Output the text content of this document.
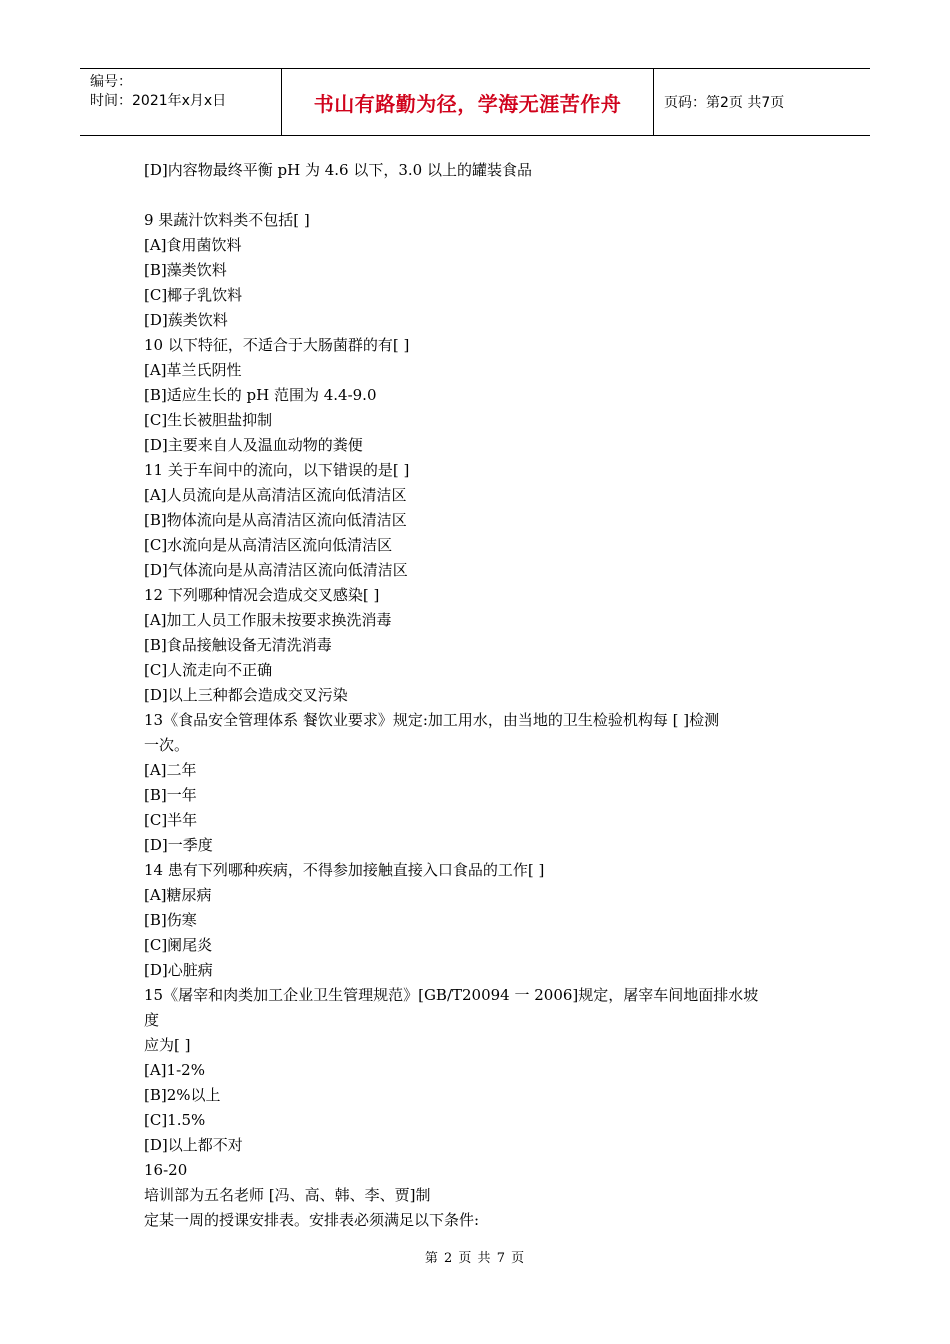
编号：
时间：2021年x月x日	书山有路勤为径，学海无涯苦作舟	页码：第2页 共7页
[D]内容物最终平衡 pH 为 4.6 以下，3.0 以上的罐装食品
9 果蔬汁饮料类不包括[ ]
[A]食用菌饮料
[B]藻类饮料
[C]椰子乳饮料
[D]蔟类饮料
10 以下特征，不适合于大肠菌群的有[ ]
[A]革兰氏阴性
[B]适应生长的 pH 范围为 4.4-9.0
[C]生长被胆盐抑制
[D]主要来自人及温血动物的粪便
11 关于车间中的流向，以下错误的是[ ]
[A]人员流向是从高清洁区流向低清洁区
[B]物体流向是从高清洁区流向低清洁区
[C]水流向是从高清洁区流向低清洁区
[D]气体流向是从高清洁区流向低清洁区
12 下列哪种情况会造成交叉感染[ ]
[A]加工人员工作服未按要求换洗消毒
[B]食品接触设备无清洗消毒
[C]人流走向不正确
[D]以上三种都会造成交叉污染
13《食品安全管理体系 餐饮业要求》规定:加工用水，由当地的卫生检验机构每 [ ]检测
一次。
[A]二年
[B]一年
[C]半年
[D]一季度
14 患有下列哪种疾病，不得参加接触直接入口食品的工作[ ]
[A]糖尿病
[B]伤寒
[C]阑尾炎
[D]心脏病
15《屠宰和肉类加工企业卫生管理规范》[GB/T20094 一 2006]规定，屠宰车间地面排水坡
度
应为[ ]
[A]1-2%
[B]2%以上
[C]1.5%
[D]以上都不对
16-20
培训部为五名老师 [冯、高、韩、李、贾]制
定某一周的授课安排表。安排表必须满足以下条件:
第 2 页 共 7 页
